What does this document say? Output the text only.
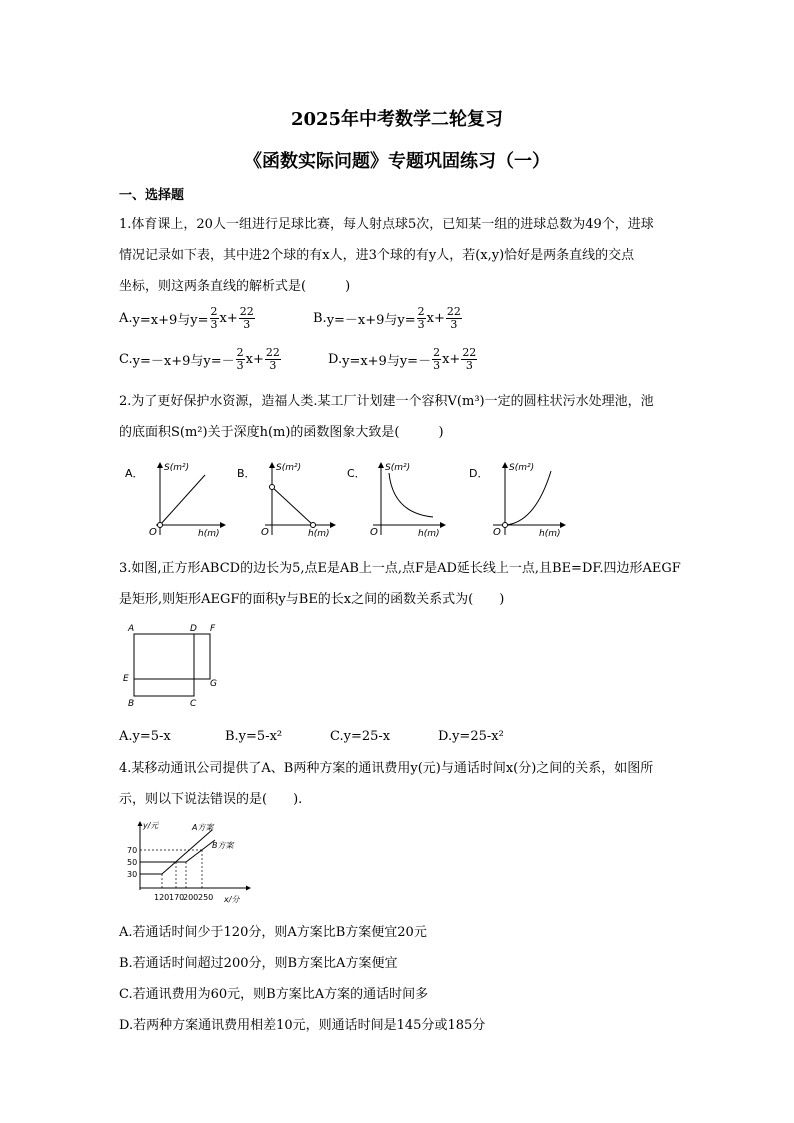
2025年中考数学二轮复习
《函数实际问题》专题巩固练习（一）
一、选择题
1.体育课上，20人一组进行足球比赛，每人射点球5次，已知某一组的进球总数为49个，进球
情况记录如下表，其中进2个球的有x人，进3个球的有y人，若(x,y)恰好是两条直线的交点
坐标，则这两条直线的解析式是(　　　)
A. y=x+9与$y= \frac{2}{3} x+ \frac{22}{3}$	B. y=－x+9与$y= \frac{2}{3} x+ \frac{22}{3}$
C. y=－x+9与$y=- \frac{2}{3} x+ \frac{22}{3}$	D. y=x+9与$y=- \frac{2}{3} x+ \frac{22}{3}$
2.为了更好保护水资源，造福人类.某工厂计划建一个容积V(m³)一定的圆柱状污水处理池，池
的底面积S(m²)关于深度h(m)的函数图象大致是(　　　)
A． S(m²)
h(m)
O
B． S(m²)
h(m)
O
C． S(m²)
h(m)
O
D． S(m²)
h(m)
O
3.如图,正方形ABCD的边长为5,点E是AB上一点,点F是AD延长线上一点,且BE=DF.四边形AEGF
是矩形,则矩形AEGF的面积y与BE的长x之间的函数关系式为(　　)
A	D F
E	G
B	C
A.y=5-x	B.y=5-x²	C.y=25-x	D.y=25-x²
4.某移动通讯公司提供了A、B两种方案的通讯费用y(元)与通话时间x(分)之间的关系，如图所
示，则以下说法错误的是(　　).
y/元	A方案
B方案
70
50
30
120 170
200 250 x/分
A.若通话时间少于120分，则A方案比B方案便宜20元
B.若通话时间超过200分，则B方案比A方案便宜
C.若通讯费用为60元，则B方案比A方案的通话时间多
D.若两种方案通讯费用相差10元，则通话时间是145分或185分
